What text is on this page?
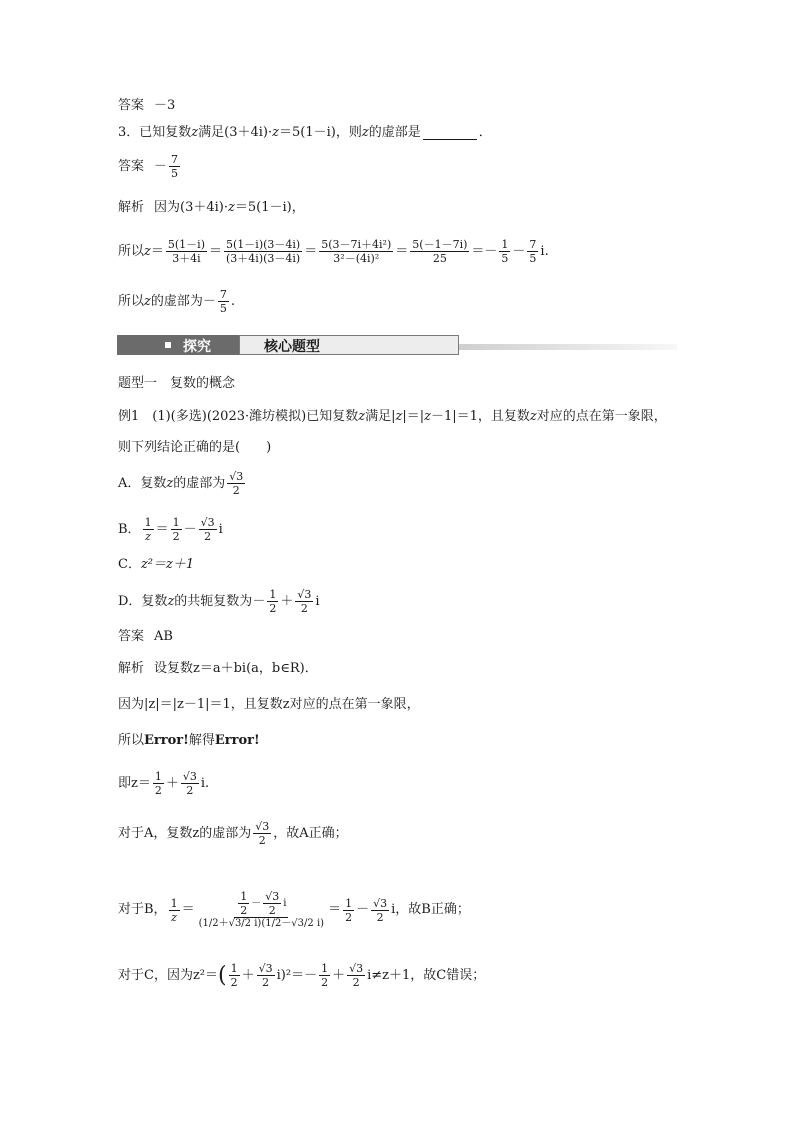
答案 －3
3． 已知复数 z 满足(3＋4i)· z ＝5(1－i)，则 z 的虚部是	．
答案 － $\frac{7}{5}$
解析 因为(3＋4i)· z ＝5(1－i)，
所以 $z = \frac{5(1-i)}{3+4i} = \frac{5(1-i)(3-4i)}{(3+4i)(3-4i)} = \frac{\text{5(3－7i＋4i²)}}{\text{3²－(4i)²}} = \frac{5(-1-7i)}{25} =- \frac{1}{5} - \frac{7}{5} i$.
所以 z 的虚部为 － $\frac{7}{5}$ .
探究	核心题型
题型一　复数的概念
例1　(1)(多选)(2023·潍坊模拟)已知复数 z 满足| z |＝| z －1|＝1，且复数 z 对应的点在第一象限，
则下列结论正确的是(　　)
A．复数 z 的虚部为 $\frac{√3}{2}$
B． $\frac{1}{z} = \frac{1}{2} - \frac{√3}{2}$ i
C． z²＝z＋1
D．复数 z 的共轭复数为 － $\frac{1}{2} + \frac{√3}{2}$ i
答案 AB
解析 设复数z＝a＋bi(a，b∈R)．
因为|z|＝|z－1|＝1，且复数z对应的点在第一象限，
所以 Error! 解得 Error!
即$z= \frac{1}{2} + \frac{√3}{2} i$.
对于A，复数z的虚部为 $\frac{√3}{2}$ ，故A正确；
对于B， $\frac{1}{z} = \frac{\frac{1}{2} - \frac{√3}{2} i}{(1/2+√3/2 i)(1/2-√3/2 i)} = \frac{1}{2} - \frac{√3}{2}$ i，故B正确；
对于C，因为z²＝ ( $\frac{1}{2} + \frac{√3}{2} i)^2=- \frac{1}{2} + \frac{√3}{2} i\ne z+1$，故C错误；
